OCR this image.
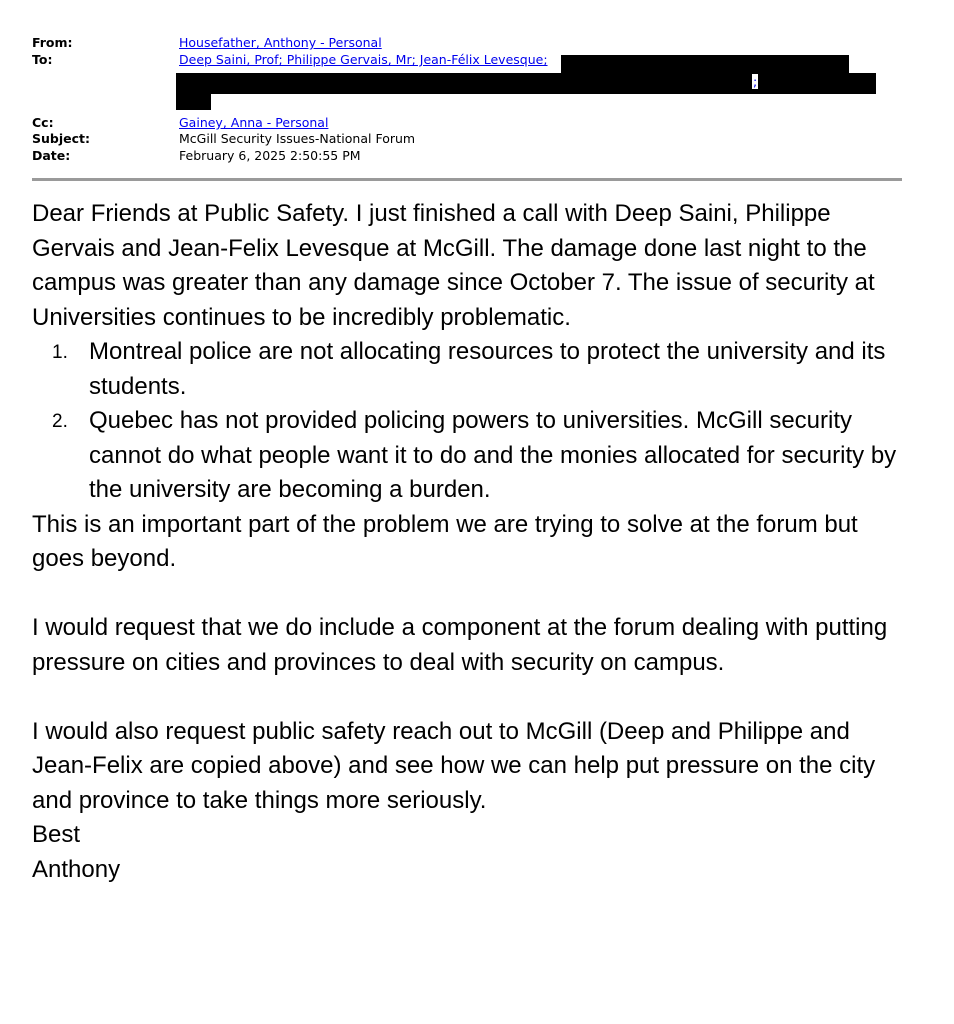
From:	Housefather, Anthony - Personal
To:	Deep Saini, Prof; Philippe Gervais, Mr; Jean-Félix Levesque;
Cc:	Gainey, Anna - Personal
Subject:	McGill Security Issues-National Forum
Date:	February 6, 2025 2:50:55 PM
;

Dear Friends at Public Safety. I just finished a call with Deep Saini, Philippe Gervais and Jean-Felix Levesque at McGill. The damage done last night to the campus was greater than any damage since October 7. The issue of security at Universities continues to be incredibly problematic.

1. Montreal police are not allocating resources to protect the university and its students.
2. Quebec has not provided policing powers to universities. McGill security cannot do what people want it to do and the monies allocated for security by the university are becoming a burden.

This is an important part of the problem we are trying to solve at the forum but goes beyond.

I would request that we do include a component at the forum dealing with putting pressure on cities and provinces to deal with security on campus.

I would also request public safety reach out to McGill (Deep and Philippe and Jean-Felix are copied above) and see how we can help put pressure on the city and province to take things more seriously.

Best

Anthony
